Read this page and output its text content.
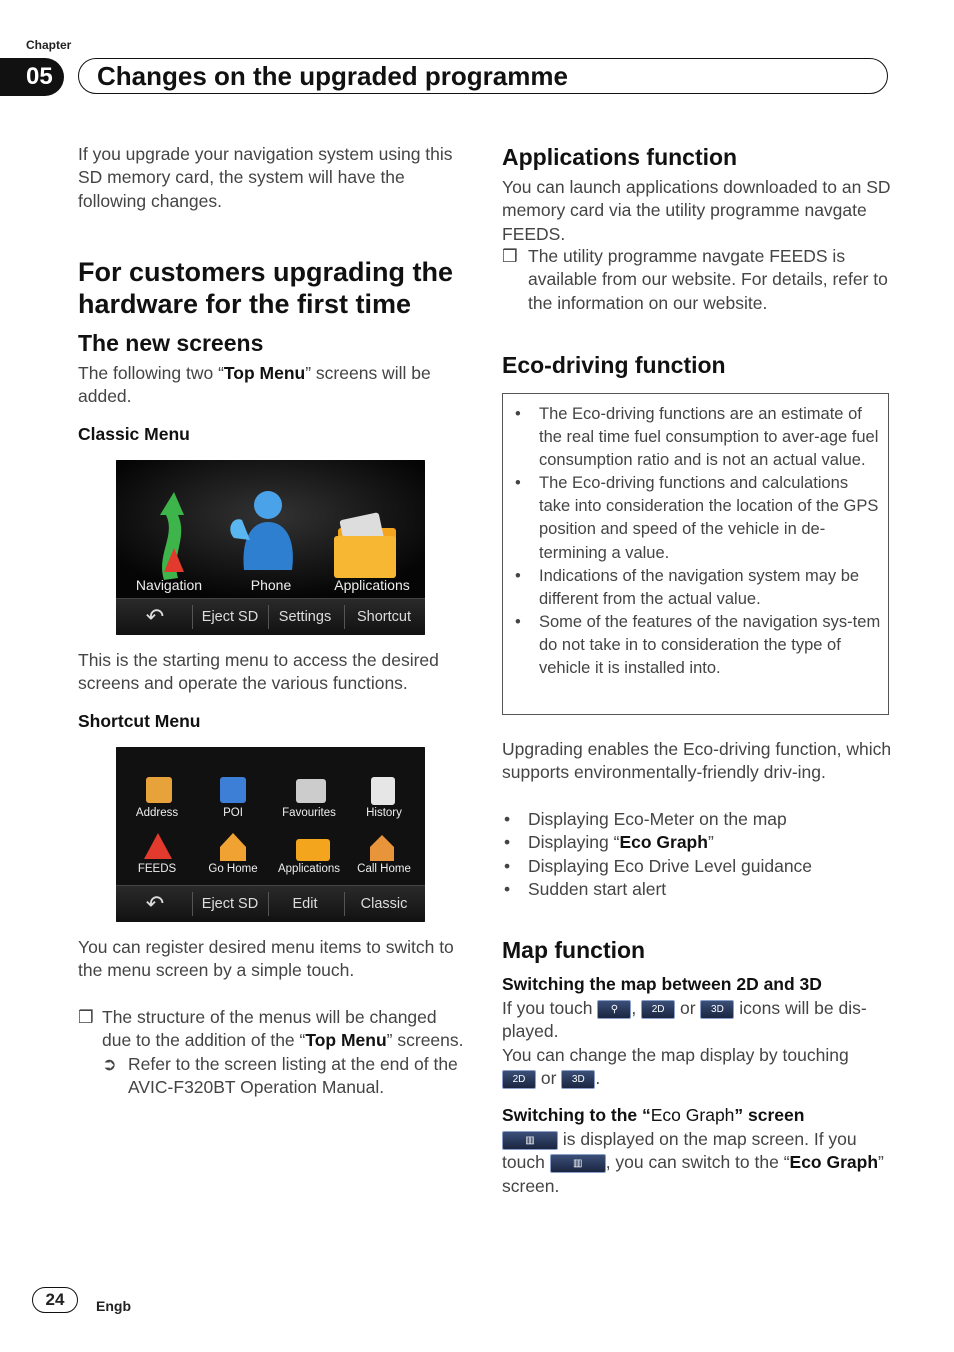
Chapter
05	Changes on the upgraded programme
If you upgrade your navigation system using this SD memory card, the system will have the following changes.
For customers upgrading the
hardware for the first time
The new screens
The following two “Top Menu” screens will be added.
Classic Menu
Navigation	Phone	Applications
↶	Eject SD	Settings	Shortcut
This is the starting menu to access the desired screens and operate the various functions.
Shortcut Menu
Address	POI	Favourites	History
FEEDS	Go Home	Applications	Call Home
↶	Eject SD	Edit	Classic
You can register desired menu items to switch to the menu screen by a simple touch.
❒ The structure of the menus will be changed due to the addition of the “Top Menu” screens.
➲ Refer to the screen listing at the end of the AVIC-F320BT Operation Manual.
Applications function
You can launch applications downloaded to an SD memory card via the utility programme navgate FEEDS.
❒ The utility programme navgate FEEDS is available from our website. For details, refer to the information on our website.
Eco-driving function
• The Eco-driving functions are an estimate of the real time fuel consumption to aver-age fuel consumption ratio and is not an actual value.
• The Eco-driving functions and calculations take into consideration the location of the GPS position and speed of the vehicle in de-termining a value.
• Indications of the navigation system may be different from the actual value.
• Some of the features of the navigation sys-tem do not take in to consideration the type of vehicle it is installed into.
Upgrading enables the Eco-driving function, which supports environmentally-friendly driv-ing.
• Displaying Eco-Meter on the map
• Displaying “Eco Graph”
• Displaying Eco Drive Level guidance
• Sudden start alert
Map function
Switching the map between 2D and 3D
If you touch ⚲ , 2D or 3D icons will be dis-played.
You can change the map display by touching
2D or 3D .
Switching to the “Eco Graph” screen
▥ is displayed on the map screen. If you touch	▥ , you can switch to the “Eco Graph” screen.
24	Engb
